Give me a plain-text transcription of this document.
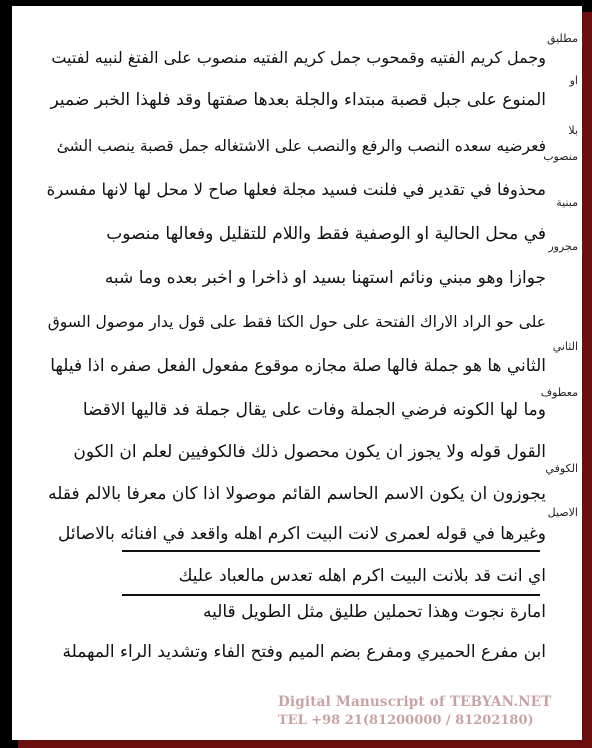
وجمل كريم الفتيه وقمحوب جمل كريم الفتيه منصوب على الفتغ لنبيه لفتيت
المنوع على جبل قصبة مبتداء والجلة بعدها صفتها وقد فلهذا الخبر ضمير
فعرضيه سعده النصب والرفع والنصب على الاشتغاله جمل قصبة ينصب الشئ
محذوفا في تقدير في فلنت فسيد مجلة فعلها صاح لا محل لها لانها مفسرة
في محل الحالية او الوصفية فقط واللام للتقليل وفعالها منصوب
جوازا وهو مبني ونائم استهنا بسيد او ذاخرا و اخبر بعده وما شبه
على حو الراد الاراك الفتحة على حول الكتا فقط على قول يدار موصول السوق
الثاني ها هو جملة فالها صلة مجازه موقوع مفعول الفعل صفره اذا فيلها
وما لها الكونه فرضي الجملة وفات على يقال جملة فد قاليها الاقضا
القول قوله ولا يجوز ان يكون محصول ذلك فالكوفيين لعلم ان الكون
يجوزون ان يكون الاسم الحاسم القائم موصولا اذا كان معرفا بالالم فقله
وغيرها في قوله لعمرى لانت البيت اكرم اهله واقعد في افنائه بالاصائل
اي انت قد بلانت البيت اكرم اهله تعدس مالعباد عليك
امارة نجوت وهذا تحملين طليق مثل الطويل قاليه
ابن مفرع الحميري ومفرع بضم الميم وفتح الفاء وتشديد الراء المهملة
مطليق
او
بلا
منصوب
مبنية
مجرور
الثاني
معطوف
الكوفي
الاصيل
Digital Manuscript of TEBYAN.NET
TEL +98 21(81200000 / 81202180)
